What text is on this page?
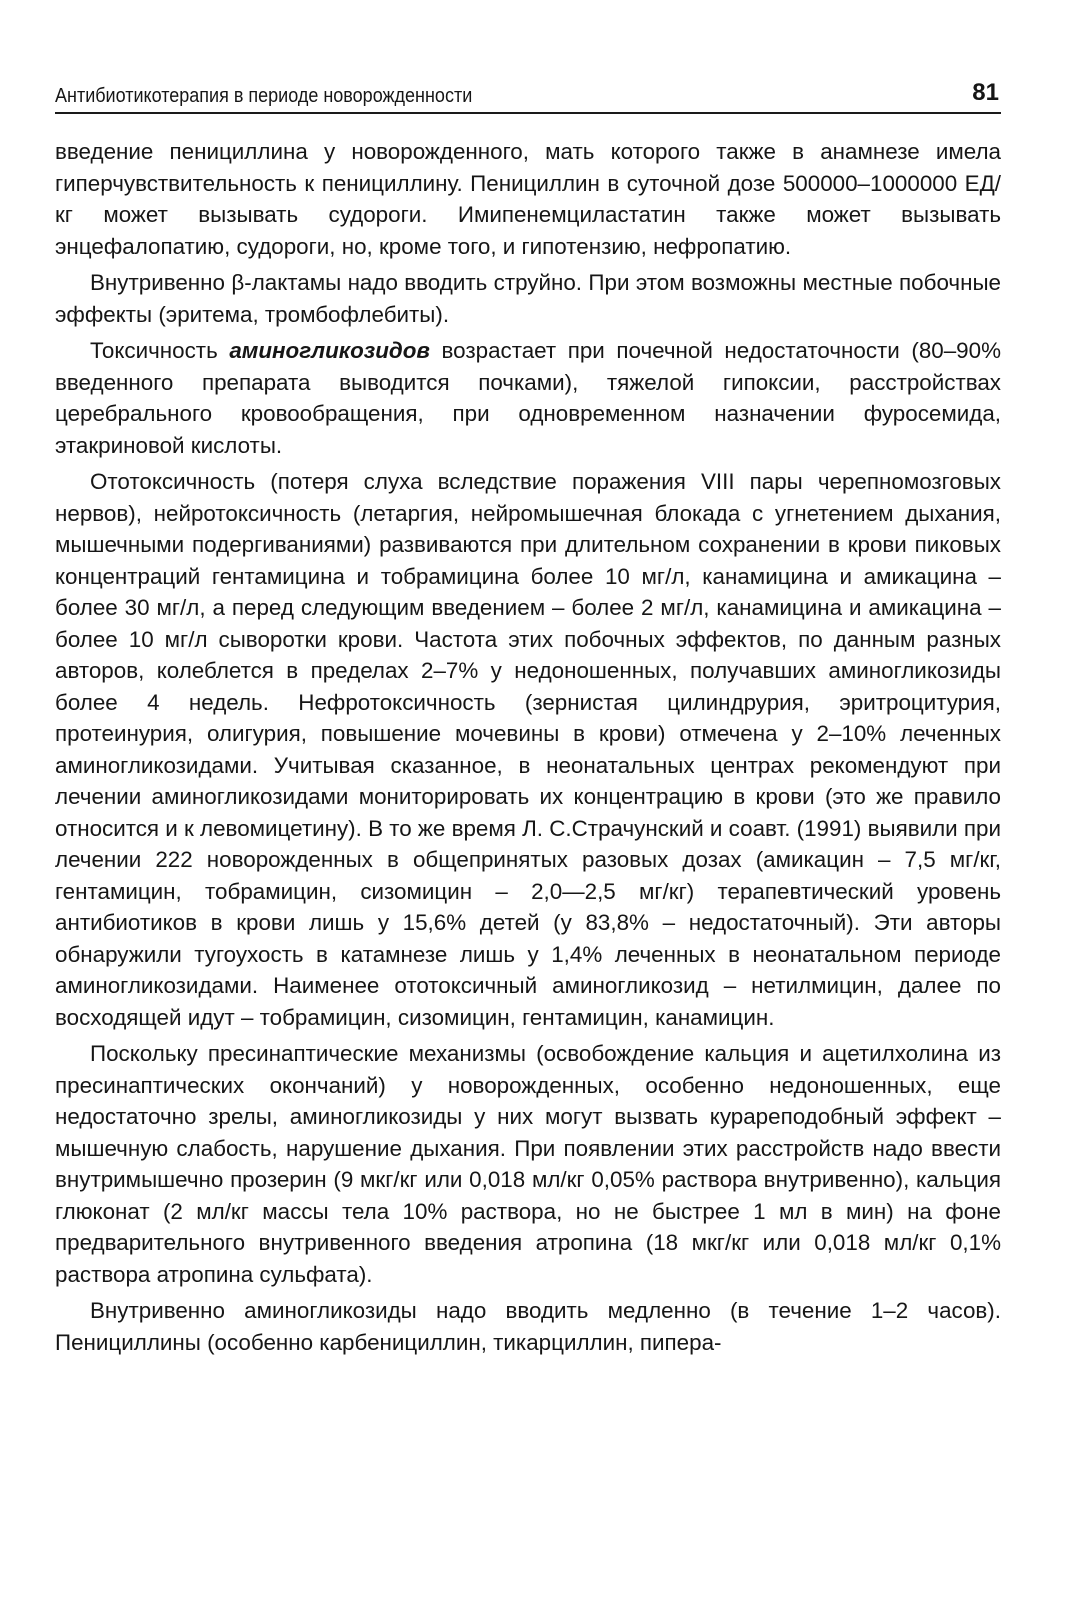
Антибиотикотерапия в периоде новорожденности	81

введение пенициллина у новорожденного, мать которого также в анамнезе имела гиперчувствительность к пенициллину. Пенициллин в суточной дозе 500000–1000000 ЕД/кг может вызывать судороги. Имипенемциластатин также может вызывать энцефалопатию, судороги, но, кроме того, и гипотензию, нефропатию.

Внутривенно β-лактамы надо вводить струйно. При этом возможны местные побочные эффекты (эритема, тромбофлебиты).

Токсичность аминогликозидов возрастает при почечной недостаточности (80–90% введенного препарата выводится почками), тяжелой гипоксии, расстройствах церебрального кровообращения, при одновременном назначении фуросемида, этакриновой кислоты.

Ототоксичность (потеря слуха вследствие поражения VIII пары черепномозговых нервов), нейротоксичность (летаргия, нейромышечная блокада с угнетением дыхания, мышечными подергиваниями) развиваются при длительном сохранении в крови пиковых концентраций гентамицина и тобрамицина более 10 мг/л, канамицина и амикацина – более 30 мг/л, а перед следующим введением – более 2 мг/л, канамицина и амикацина – более 10 мг/л сыворотки крови. Частота этих побочных эффектов, по данным разных авторов, колеблется в пределах 2–7% у недоношенных, получавших аминогликозиды более 4 недель. Нефротоксичность (зернистая цилиндрурия, эритроцитурия, протеинурия, олигурия, повышение мочевины в крови) отмечена у 2–10% леченных аминогликозидами. Учитывая сказанное, в неонатальных центрах рекомендуют при лечении аминогликозидами мониторировать их концентрацию в крови (это же правило относится и к левомицетину). В то же время Л. С.Страчунский и соавт. (1991) выявили при лечении 222 новорожденных в общепринятых разовых дозах (амикацин – 7,5 мг/кг, гентамицин, тобрамицин, сизомицин – 2,0—2,5 мг/кг) терапевтический уровень антибиотиков в крови лишь у 15,6% детей (у 83,8% – недостаточный). Эти авторы обнаружили тугоухость в катамнезе лишь у 1,4% леченных в неонатальном периоде аминогликозидами. Наименее ототоксичный аминогликозид – нетилмицин, далее по восходящей идут – тобрамицин, сизомицин, гентамицин, канамицин.

Поскольку пресинаптические механизмы (освобождение кальция и ацетилхолина из пресинаптических окончаний) у новорожденных, особенно недоношенных, еще недостаточно зрелы, аминогликозиды у них могут вызвать курареподобный эффект – мышечную слабость, нарушение дыхания. При появлении этих расстройств надо ввести внутримышечно прозерин (9 мкг/кг или 0,018 мл/кг 0,05% раствора внутривенно), кальция глюконат (2 мл/кг массы тела 10% раствора, но не быстрее 1 мл в мин) на фоне предварительного внутривенного введения атропина (18 мкг/кг или 0,018 мл/кг 0,1% раствора атропина сульфата).

Внутривенно аминогликозиды надо вводить медленно (в течение 1–2 часов). Пенициллины (особенно карбенициллин, тикарциллин, пипера-
